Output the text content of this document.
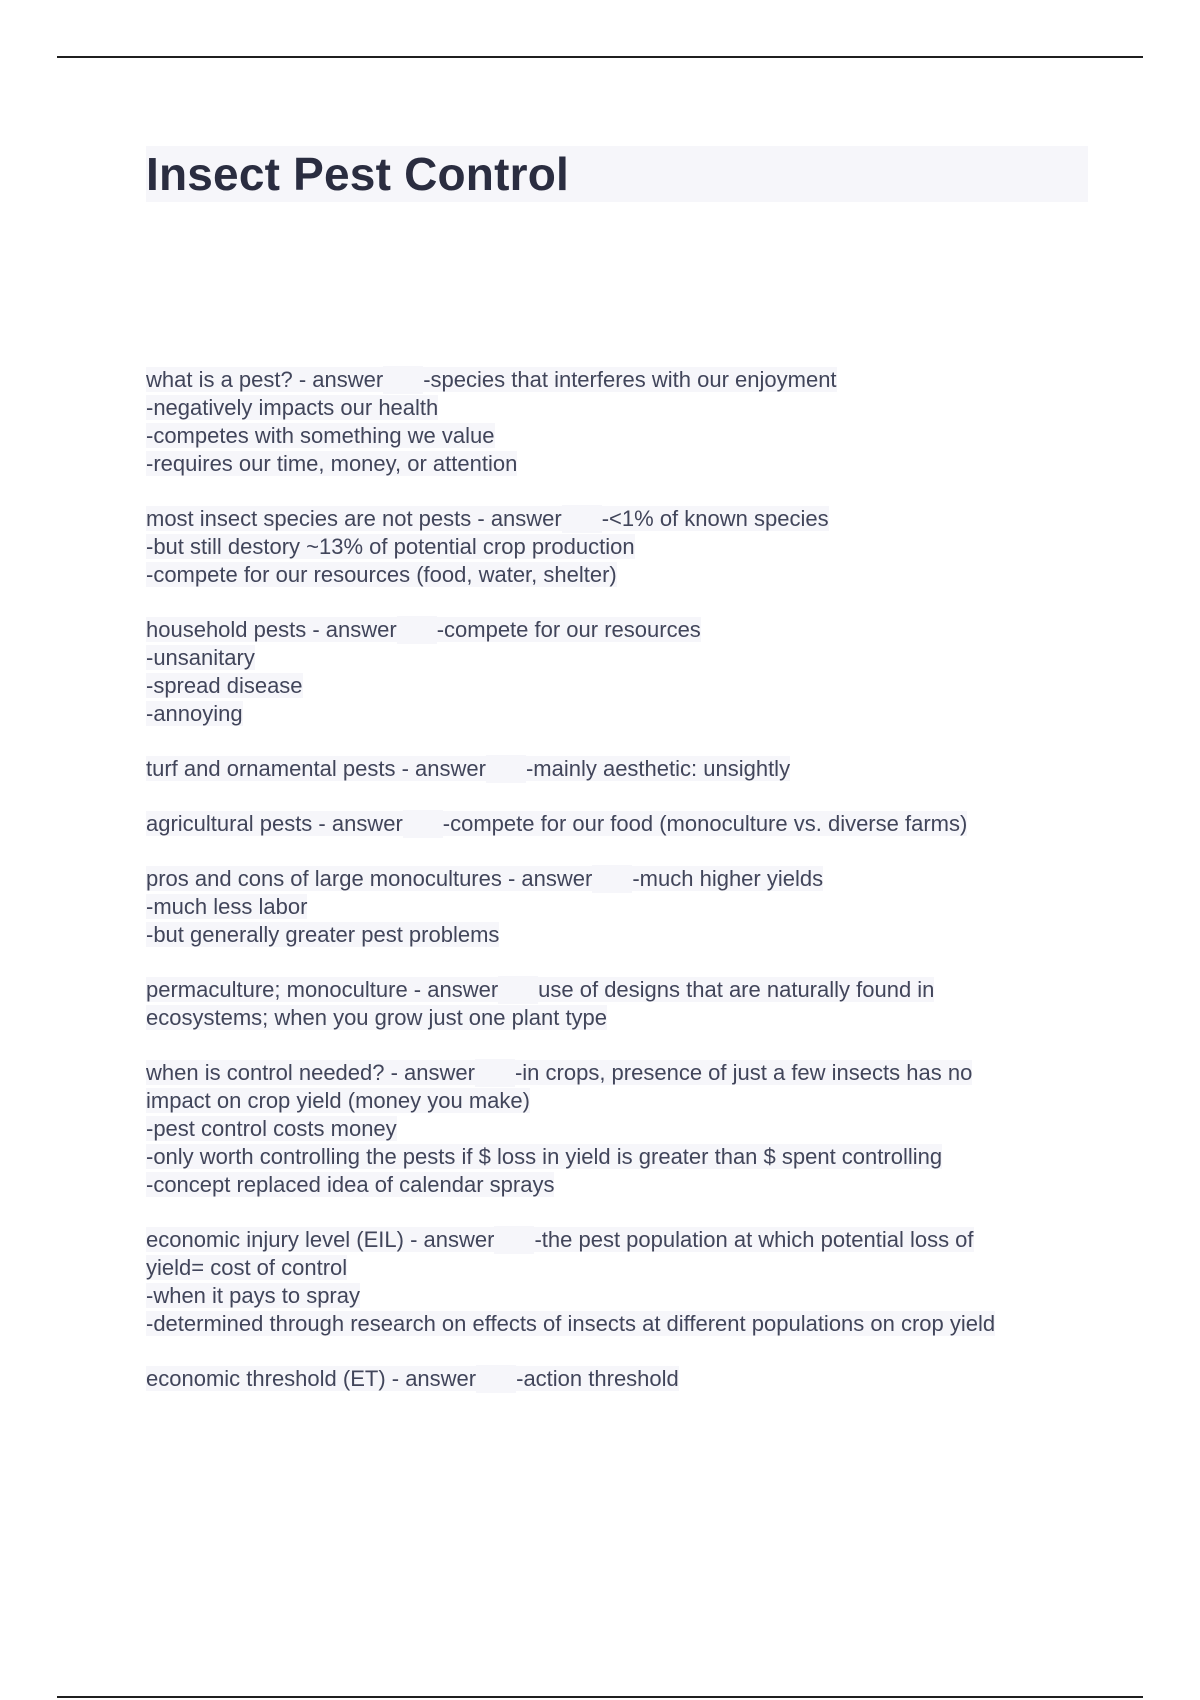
Insect Pest Control
what is a pest? - answer -species that interferes with our enjoyment
-negatively impacts our health
-competes with something we value
-requires our time, money, or attention
most insect species are not pests - answer -<1% of known species
-but still destory ~13% of potential crop production
-compete for our resources (food, water, shelter)
household pests - answer -compete for our resources
-unsanitary
-spread disease
-annoying
turf and ornamental pests - answer -mainly aesthetic: unsightly
agricultural pests - answer -compete for our food (monoculture vs. diverse farms)
pros and cons of large monocultures - answer -much higher yields
-much less labor
-but generally greater pest problems
permaculture; monoculture - answer use of designs that are naturally found in
ecosystems; when you grow just one plant type
when is control needed? - answer -in crops, presence of just a few insects has no
impact on crop yield (money you make)
-pest control costs money
-only worth controlling the pests if $ loss in yield is greater than $ spent controlling
-concept replaced idea of calendar sprays
economic injury level (EIL) - answer -the pest population at which potential loss of
yield= cost of control
-when it pays to spray
-determined through research on effects of insects at different populations on crop yield
economic threshold (ET) - answer -action threshold
